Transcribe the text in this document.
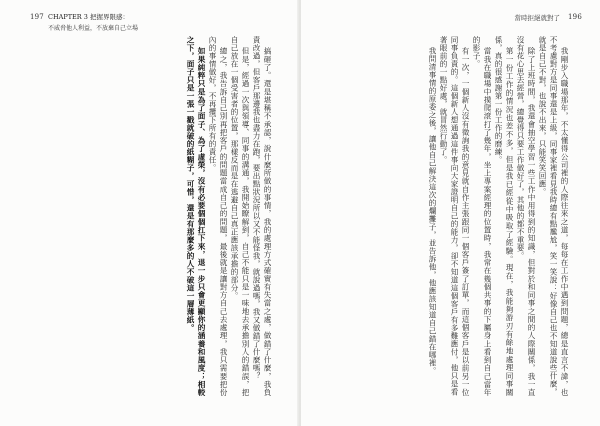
197 CHAPTER 3 把握界限感：
不威脅他人利益，不放棄自己立場

搞砸了。還是堪稱不承認，說什麼所做的事情，我的處理方式確實有失當之處，做錯了什麼，我負責改過，但客戶那邊我也盡力在跑，要出點狀況所以又不能怪我，就說過嗎，我又做錯了什麼嗎？

但是，經過一次與領導、同事的溝通，我開始瞭解到，自己不能只是一味地去承擔別人的錯誤，把自己放在一個受害者的位置，那樣反而是在逃避自己真正應該承擔的部分。

總之，我告訴自己別再把客戶的問題當成自己的問題，最後就是讓對方自己去處理，我只需要把份內的事情做好，不再攬下所有的責任。

如果純粹只是為了面子、為了虛榮，沒有必要個個扛下來，退一步只會更顯你的涵養和風度；相較之下，面子只是一張一戳就破的紙糊子，可惜，還是有那麼多的人不破這一層薄紙。

196
當時拒絕就對了

我剛步入職場那年，不太懂得公司裡的人際往來之道，每每在工作中遇到問題，總是直言不諱，也不考慮對方是同事還是上級，同事家裡看見我時總有點尷尬，笑一笑說：好像自己也不知道說些什麼，就是自己不對，也說不出來，只能笑笑回應。

除了上班時間，我還會抽空學習一些工作中用得到的知識，但對於和同事之間的人際關係，我一直沒有花心思去經營，總覺得只要工作做好了，其他的都不重要。

第一份工作的情況也差不多，但是我已經從中吸取了經驗。現在，我能夠游刃有餘地處理同事關係，真的很感謝第一份工作的磨練。

當我在職場中摸爬滾打了幾年，坐上專案經理的位置時，我常在幾個共事的下屬身上看到自己當年的影子。

有一次，一個新人沒有徵詢我的意見就自作主張跟同一個客戶簽了訂單，而這個客戶是以前另一位同事負責的。這個新人想通過這件事向大家證明自己的能力，卻不知道這個客戶有多難應付，他只是看著眼前的一點好處，就冒然行動了。

我問清事情的原委之後，讓他自己解決這次的爛攤子，並告訴他，他應該知道自己錯在哪裡。
